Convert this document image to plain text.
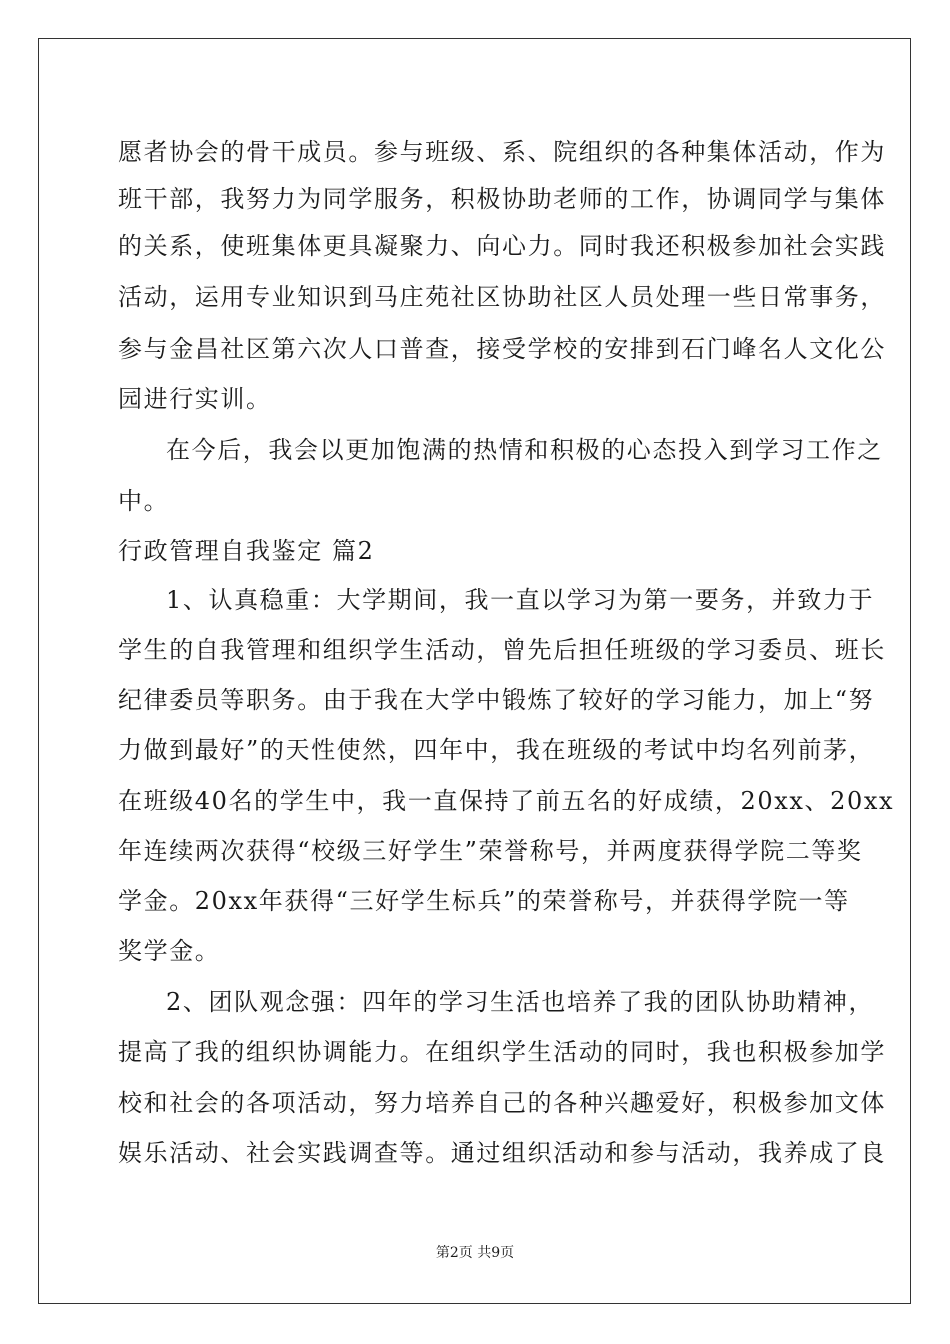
愿者协会的骨干成员。参与班级、系、院组织的各种集体活动，作为
班干部，我努力为同学服务，积极协助老师的工作，协调同学与集体
的关系，使班集体更具凝聚力、向心力。同时我还积极参加社会实践
活动，运用专业知识到马庄苑社区协助社区人员处理一些日常事务，
参与金昌社区第六次人口普查，接受学校的安排到石门峰名人文化公
园进行实训。
在今后，我会以更加饱满的热情和积极的心态投入到学习工作之
中。
行政管理自我鉴定 篇2
1、认真稳重：大学期间，我一直以学习为第一要务，并致力于
学生的自我管理和组织学生活动，曾先后担任班级的学习委员、班长
纪律委员等职务。由于我在大学中锻炼了较好的学习能力，加上“努
力做到最好”的天性使然，四年中，我在班级的考试中均名列前茅，
在班级40名的学生中，我一直保持了前五名的好成绩，20xx、20xx
年连续两次获得“校级三好学生”荣誉称号，并两度获得学院二等奖
学金。20xx年获得“三好学生标兵”的荣誉称号，并获得学院一等
奖学金。
2、团队观念强：四年的学习生活也培养了我的团队协助精神，
提高了我的组织协调能力。在组织学生活动的同时，我也积极参加学
校和社会的各项活动，努力培养自己的各种兴趣爱好，积极参加文体
娱乐活动、社会实践调查等。通过组织活动和参与活动，我养成了良
第2页 共9页
